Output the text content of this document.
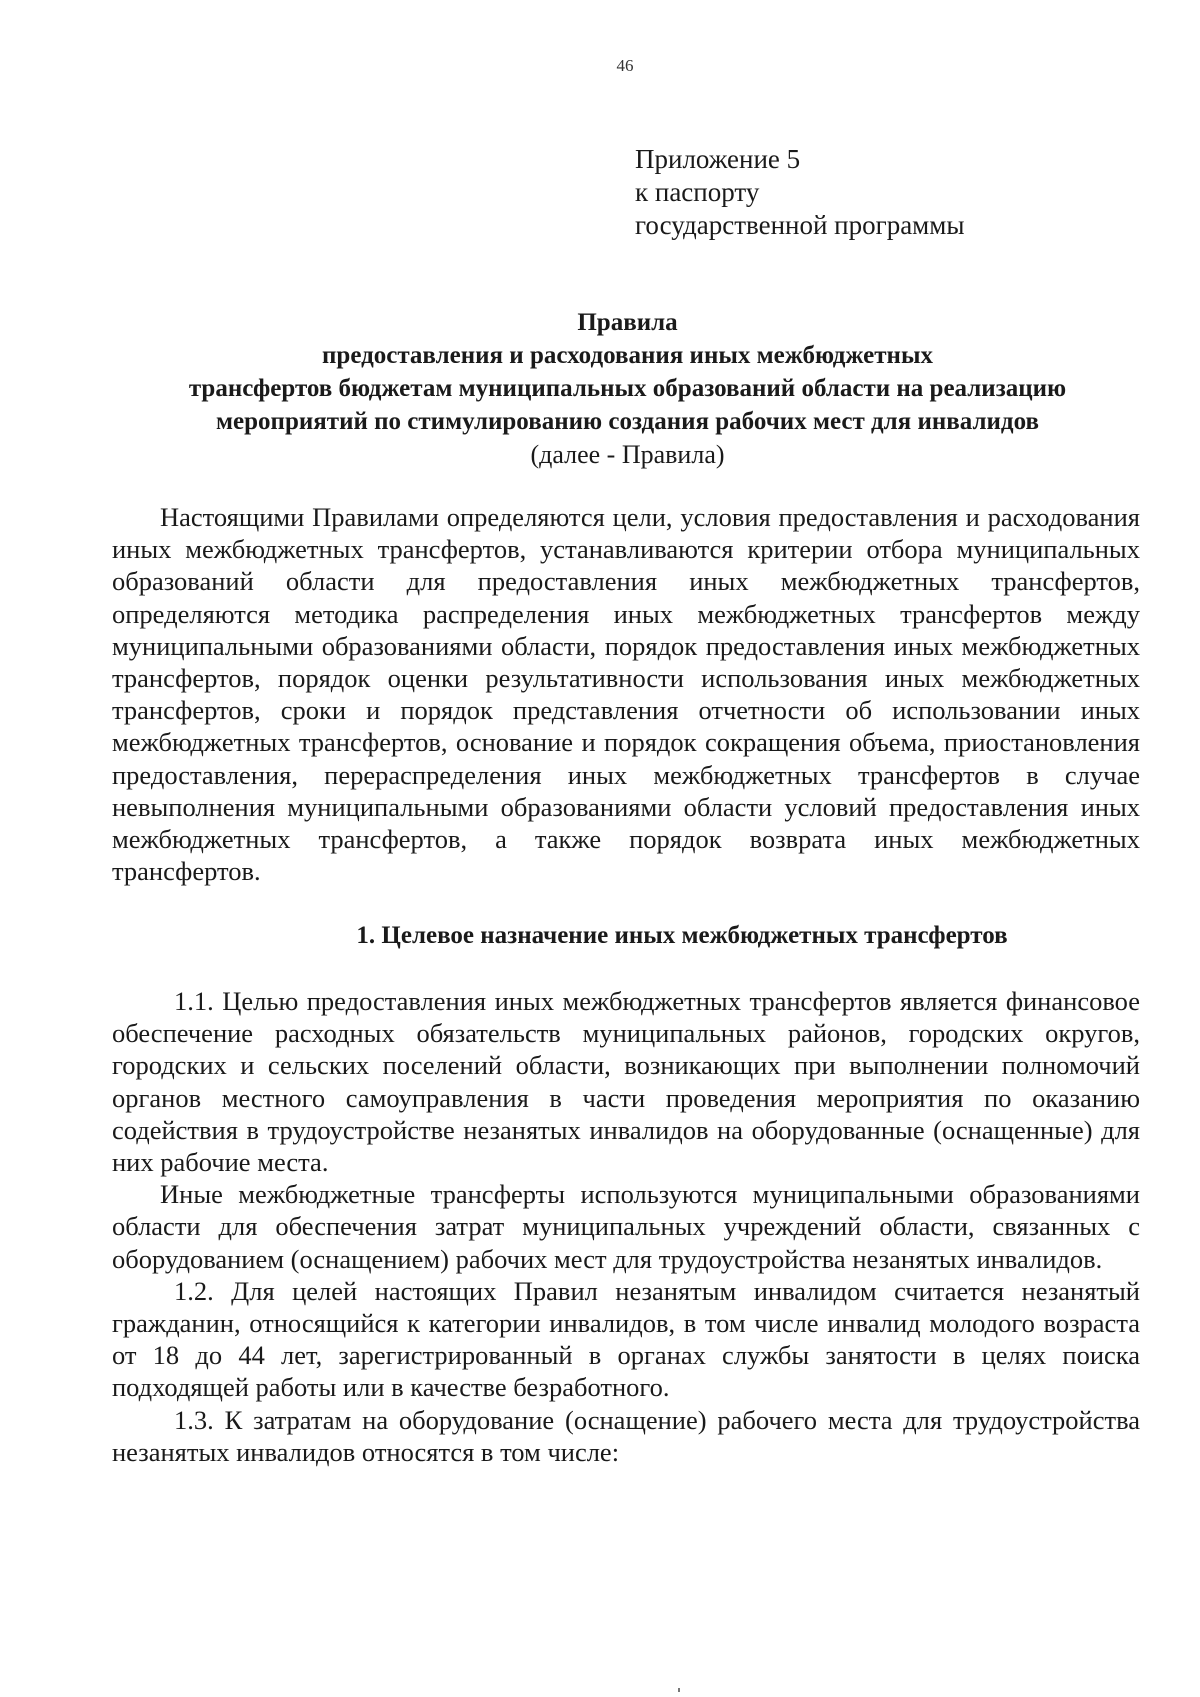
46
Приложение 5
к паспорту
государственной программы
Правила
предоставления и расходования иных межбюджетных
трансфертов бюджетам муниципальных образований области на реализацию
мероприятий по стимулированию создания рабочих мест для инвалидов
(далее - Правила)

Настоящими Правилами определяются цели, условия предоставления и расходования иных межбюджетных трансфертов, устанавливаются критерии отбора муниципальных образований области для предоставления иных межбюджетных трансфертов, определяются методика распределения иных межбюджетных трансфертов между муниципальными образованиями области, порядок предоставления иных межбюджетных трансфертов, порядок оценки результативности использования иных межбюджетных трансфертов, сроки и порядок представления отчетности об использовании иных межбюджетных трансфертов, основание и порядок сокращения объема, приостановления предоставления, перераспределения иных межбюджетных трансфертов в случае невыполнения муниципальными образованиями области условий предоставления иных межбюджетных трансфертов, а также порядок возврата иных межбюджетных трансфертов.

1. Целевое назначение иных межбюджетных трансфертов

1.1. Целью предоставления иных межбюджетных трансфертов является финансовое обеспечение расходных обязательств муниципальных районов, городских округов, городских и сельских поселений области, возникающих при выполнении полномочий органов местного самоуправления в части проведения мероприятия по оказанию содействия в трудоустройстве незанятых инвалидов на оборудованные (оснащенные) для них рабочие места.

Иные межбюджетные трансферты используются муниципальными образованиями области для обеспечения затрат муниципальных учреждений области, связанных с оборудованием (оснащением) рабочих мест для трудоустройства незанятых инвалидов.

1.2. Для целей настоящих Правил незанятым инвалидом считается незанятый гражданин, относящийся к категории инвалидов, в том числе инвалид молодого возраста от 18 до 44 лет, зарегистрированный в органах службы занятости в целях поиска подходящей работы или в качестве безработного.

1.3. К затратам на оборудование (оснащение) рабочего места для трудоустройства незанятых инвалидов относятся в том числе:
